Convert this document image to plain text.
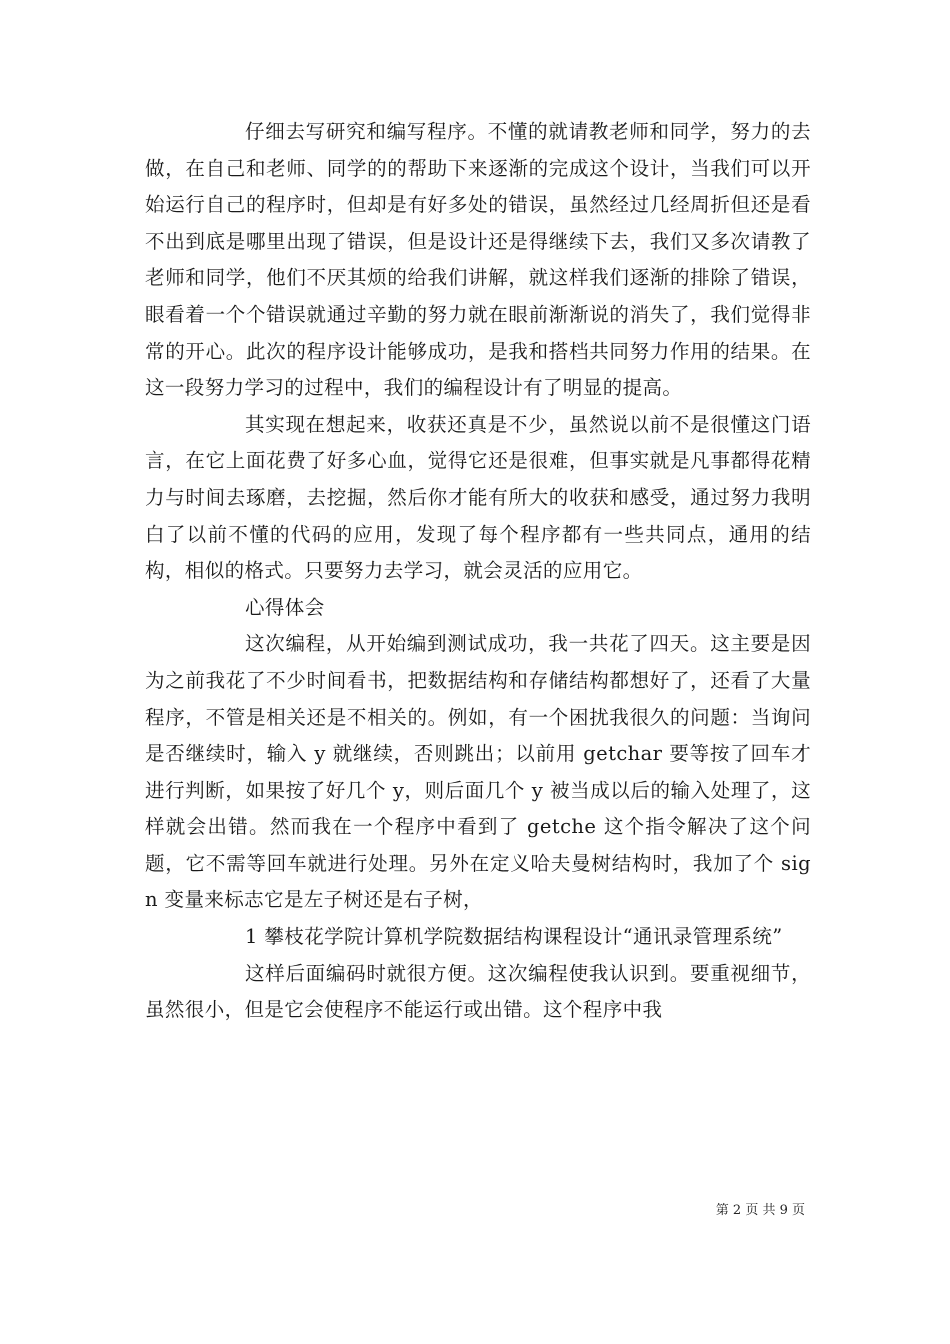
仔细去写研究和编写程序。不懂的就请教老师和同学，努力的去做，在自己和老师、同学的的帮助下来逐渐的完成这个设计，当我们可以开始运行自己的程序时，但却是有好多处的错误，虽然经过几经周折但还是看不出到底是哪里出现了错误，但是设计还是得继续下去，我们又多次请教了老师和同学，他们不厌其烦的给我们讲解，就这样我们逐渐的排除了错误，眼看着一个个错误就通过辛勤的努力就在眼前渐渐说的消失了，我们觉得非常的开心。此次的程序设计能够成功，是我和搭档共同努力作用的结果。在这一段努力学习的过程中，我们的编程设计有了明显的提高。

其实现在想起来，收获还真是不少，虽然说以前不是很懂这门语言，在它上面花费了好多心血，觉得它还是很难，但事实就是凡事都得花精力与时间去琢磨，去挖掘，然后你才能有所大的收获和感受，通过努力我明白了以前不懂的代码的应用，发现了每个程序都有一些共同点，通用的结构，相似的格式。只要努力去学习，就会灵活的应用它。

心得体会

这次编程，从开始编到测试成功，我一共花了四天。这主要是因为之前我花了不少时间看书，把数据结构和存储结构都想好了，还看了大量程序，不管是相关还是不相关的。例如，有一个困扰我很久的问题：当询问是否继续时，输入 y 就继续，否则跳出；以前用 getchar 要等按了回车才进行判断，如果按了好几个 y，则后面几个 y 被当成以后的输入处理了，这样就会出错。然而我在一个程序中看到了 getche 这个指令解决了这个问题，它不需等回车就进行处理。另外在定义哈夫曼树结构时，我加了个 sign 变量来标志它是左子树还是右子树，

1 攀枝花学院计算机学院数据结构课程设计“通讯录管理系统”

这样后面编码时就很方便。这次编程使我认识到。要重视细节，虽然很小，但是它会使程序不能运行或出错。这个程序中我

第 2 页 共 9 页
